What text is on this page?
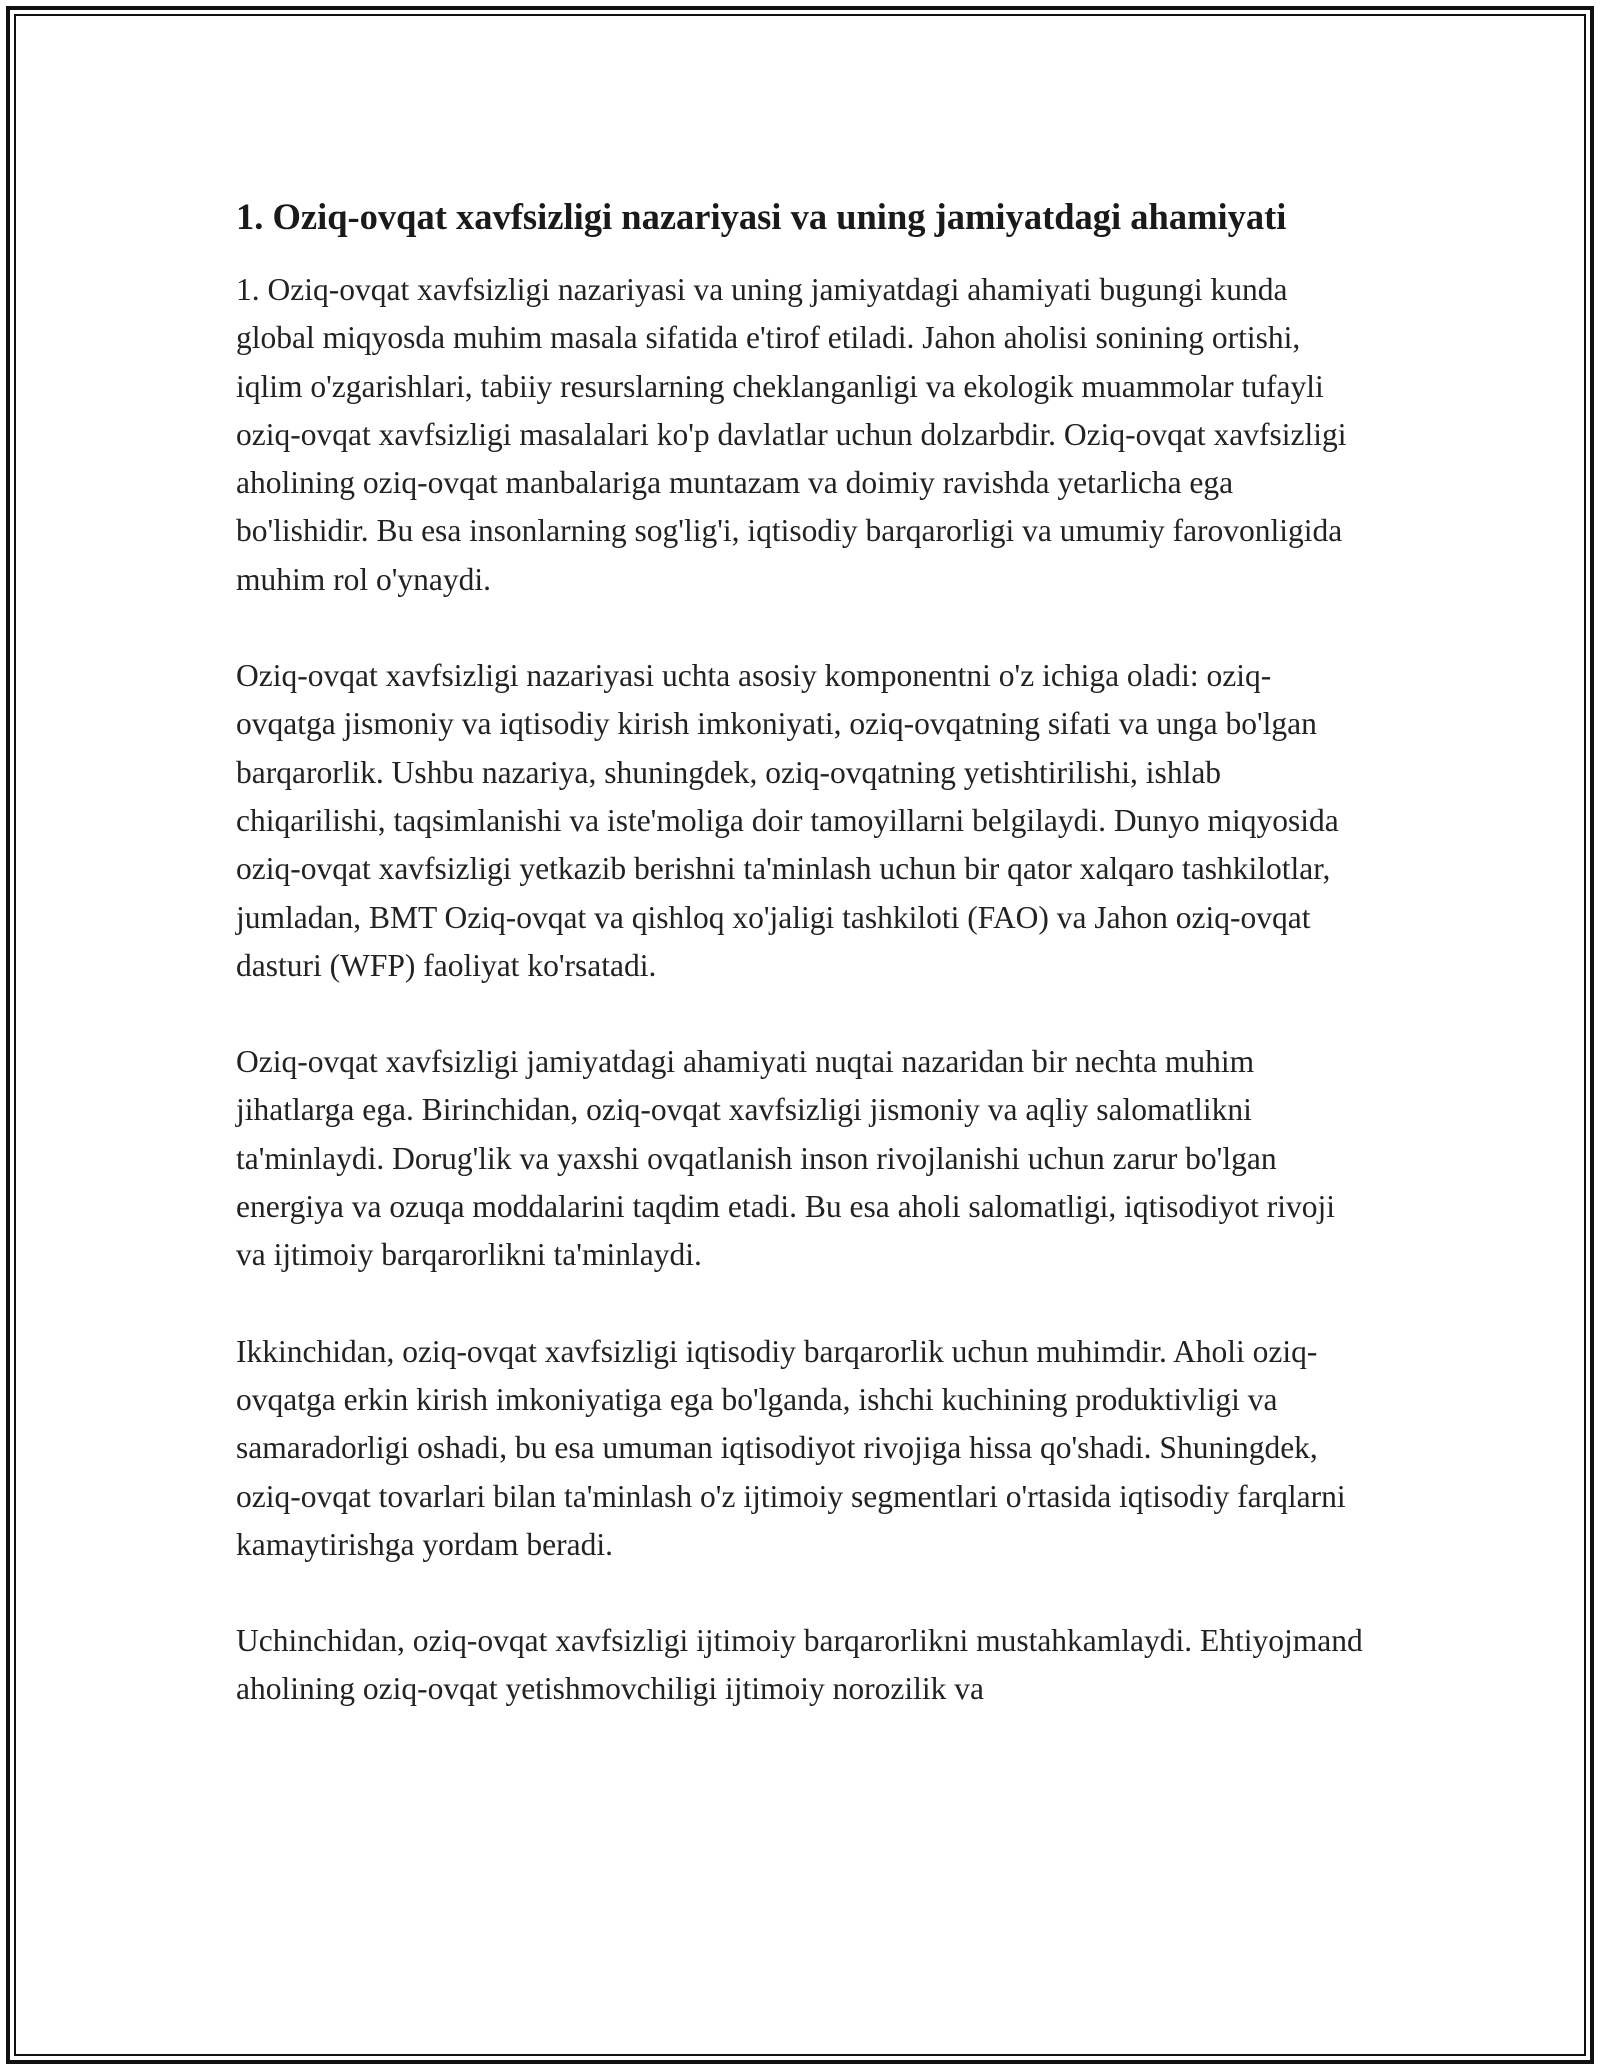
1. Oziq-ovqat xavfsizligi nazariyasi va uning jamiyatdagi ahamiyati

1. Oziq-ovqat xavfsizligi nazariyasi va uning jamiyatdagi ahamiyati bugungi kunda global miqyosda muhim masala sifatida e'tirof etiladi. Jahon aholisi sonining ortishi, iqlim o'zgarishlari, tabiiy resurslarning cheklanganligi va ekologik muammolar tufayli oziq-ovqat xavfsizligi masalalari ko'p davlatlar uchun dolzarbdir. Oziq-ovqat xavfsizligi aholining oziq-ovqat manbalariga muntazam va doimiy ravishda yetarlicha ega bo'lishidir. Bu esa insonlarning sog'lig'i, iqtisodiy barqarorligi va umumiy farovonligida muhim rol o'ynaydi.

Oziq-ovqat xavfsizligi nazariyasi uchta asosiy komponentni o'z ichiga oladi: oziq-ovqatga jismoniy va iqtisodiy kirish imkoniyati, oziq-ovqatning sifati va unga bo'lgan barqarorlik. Ushbu nazariya, shuningdek, oziq-ovqatning yetishtirilishi, ishlab chiqarilishi, taqsimlanishi va iste'moliga doir tamoyillarni belgilaydi. Dunyo miqyosida oziq-ovqat xavfsizligi yetkazib berishni ta'minlash uchun bir qator xalqaro tashkilotlar, jumladan, BMT Oziq-ovqat va qishloq xo'jaligi tashkiloti (FAO) va Jahon oziq-ovqat dasturi (WFP) faoliyat ko'rsatadi.

Oziq-ovqat xavfsizligi jamiyatdagi ahamiyati nuqtai nazaridan bir nechta muhim jihatlarga ega. Birinchidan, oziq-ovqat xavfsizligi jismoniy va aqliy salomatlikni ta'minlaydi. Dorug'lik va yaxshi ovqatlanish inson rivojlanishi uchun zarur bo'lgan energiya va ozuqa moddalarini taqdim etadi. Bu esa aholi salomatligi, iqtisodiyot rivoji va ijtimoiy barqarorlikni ta'minlaydi.

Ikkinchidan, oziq-ovqat xavfsizligi iqtisodiy barqarorlik uchun muhimdir. Aholi oziq-ovqatga erkin kirish imkoniyatiga ega bo'lganda, ishchi kuchining produktivligi va samaradorligi oshadi, bu esa umuman iqtisodiyot rivojiga hissa qo'shadi. Shuningdek, oziq-ovqat tovarlari bilan ta'minlash o'z ijtimoiy segmentlari o'rtasida iqtisodiy farqlarni kamaytirishga yordam beradi.

Uchinchidan, oziq-ovqat xavfsizligi ijtimoiy barqarorlikni mustahkamlaydi. Ehtiyojmand aholining oziq-ovqat yetishmovchiligi ijtimoiy norozilik va
